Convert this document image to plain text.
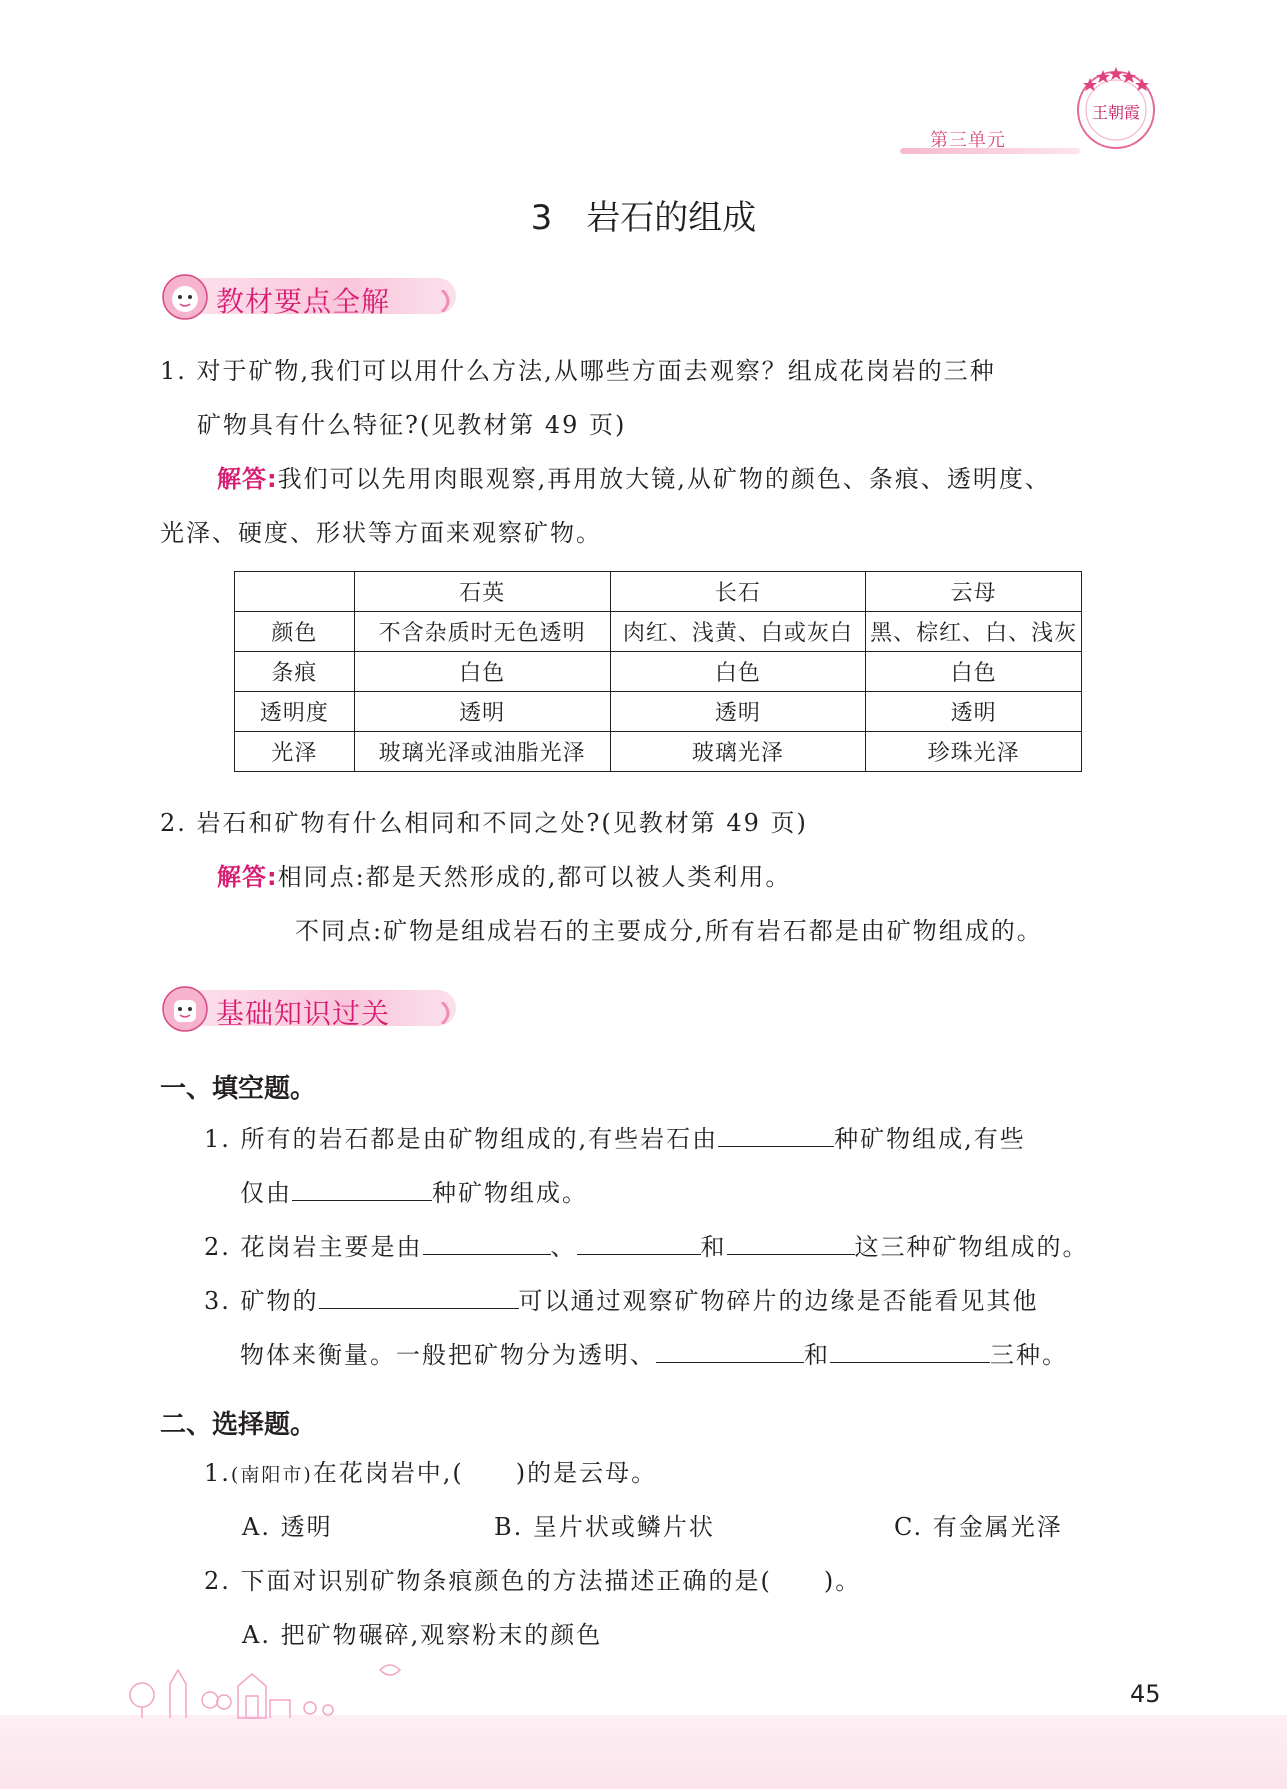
第三单元
王朝霞
3　岩石的组成
教材要点全解
1. 对于矿物,我们可以用什么方法,从哪些方面去观察？组成花岗岩的三种
矿物具有什么特征?(见教材第 49 页)
解答:我们可以先用肉眼观察,再用放大镜,从矿物的颜色、条痕、透明度、
光泽、硬度、形状等方面来观察矿物。
	石英	长石	云母
颜色	不含杂质时无色透明	肉红、浅黄、白或灰白	黑、棕红、白、浅灰
条痕	白色	白色	白色
透明度	透明	透明	透明
光泽	玻璃光泽或油脂光泽	玻璃光泽	珍珠光泽
2. 岩石和矿物有什么相同和不同之处?(见教材第 49 页)
解答:相同点:都是天然形成的,都可以被人类利用。
不同点:矿物是组成岩石的主要成分,所有岩石都是由矿物组成的。
基础知识过关
一、填空题。
1. 所有的岩石都是由矿物组成的,有些岩石由	种矿物组成,有些
仅由	种矿物组成。
2. 花岗岩主要是由	、	和	这三种矿物组成的。
3. 矿物的	可以通过观察矿物碎片的边缘是否能看见其他
物体来衡量。一般把矿物分为透明、	和	三种。
二、选择题。
1.(南阳市)在花岗岩中,(　　)的是云母。
A. 透明	B. 呈片状或鳞片状	C. 有金属光泽
2. 下面对识别矿物条痕颜色的方法描述正确的是(　　)。
A. 把矿物碾碎,观察粉末的颜色
45
